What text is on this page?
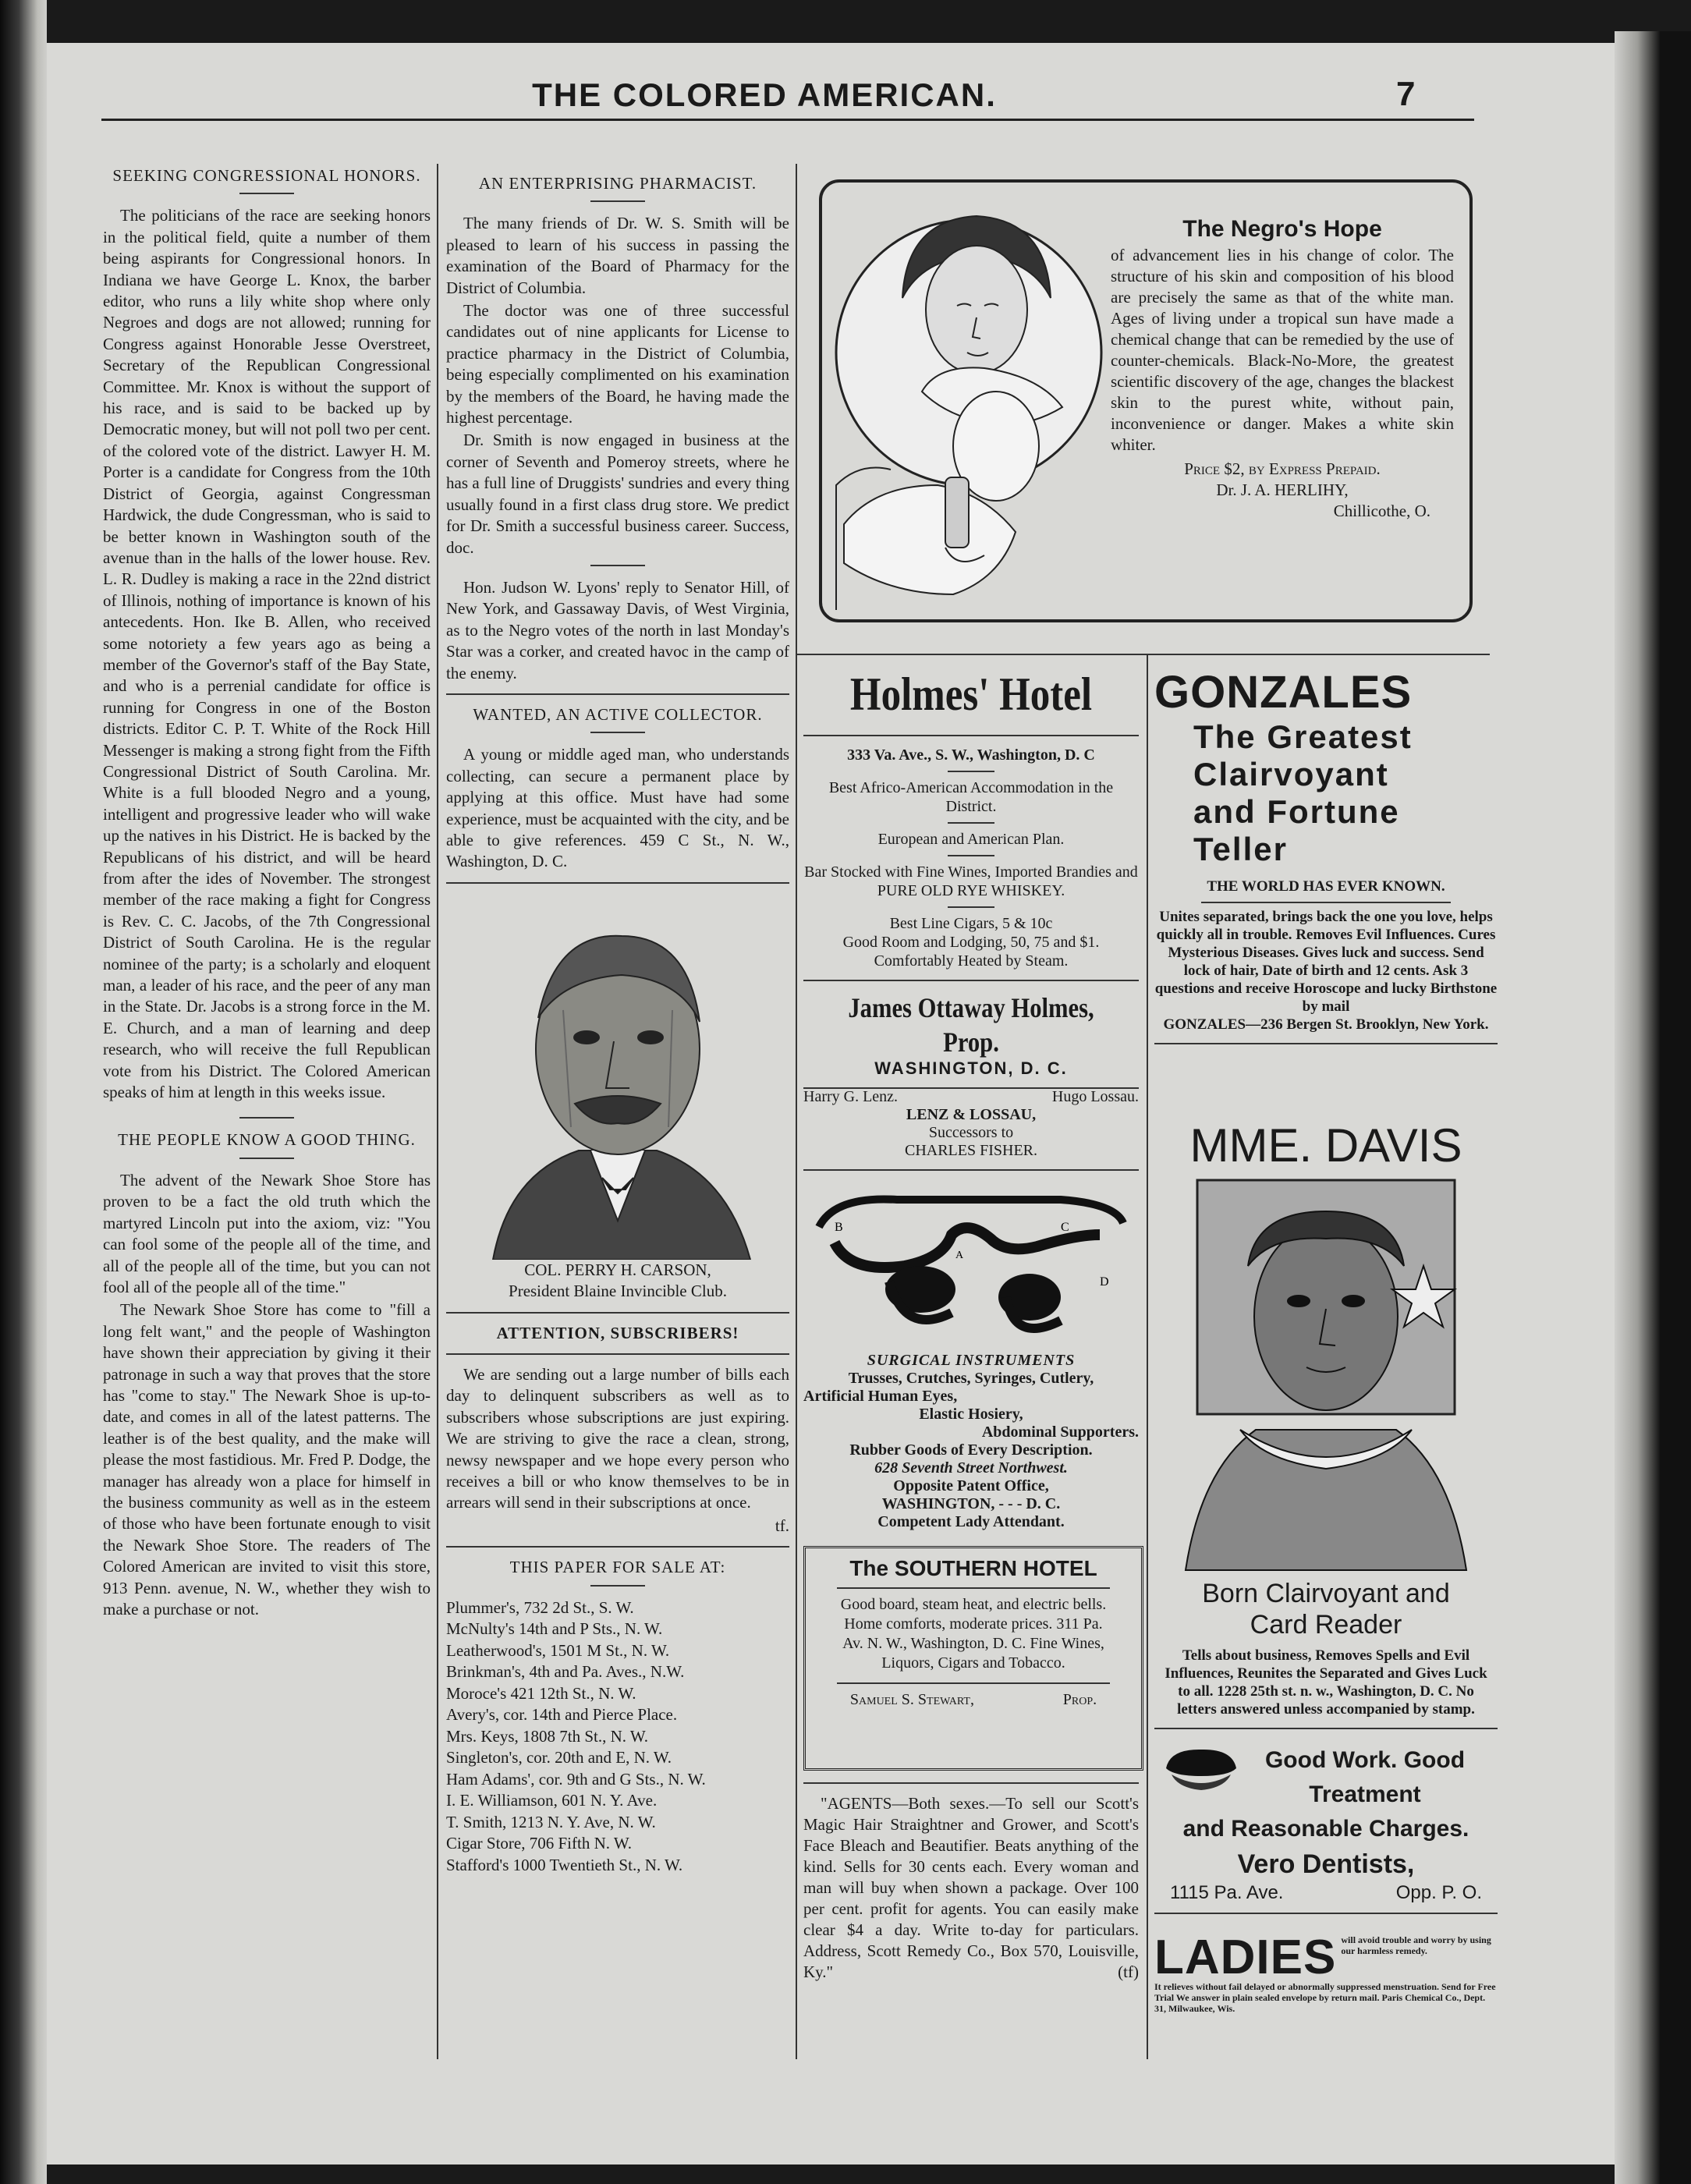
THE COLORED AMERICAN.	7
SEEKING CONGRESSIONAL HONORS.

The politicians of the race are seeking honors in the political field, quite a number of them being aspirants for Congressional honors. In Indiana we have George L. Knox, the barber editor, who runs a lily white shop where only Negroes and dogs are not allowed; running for Congress against Honorable Jesse Overstreet, Secretary of the Republican Congressional Committee. Mr. Knox is without the support of his race, and is said to be backed up by Democratic money, but will not poll two per cent. of the colored vote of the district. Lawyer H. M. Porter is a candidate for Congress from the 10th District of Georgia, against Congressman Hardwick, the dude Congressman, who is said to be better known in Washington south of the avenue than in the halls of the lower house. Rev. L. R. Dudley is making a race in the 22nd district of Illinois, nothing of importance is known of his antecedents. Hon. Ike B. Allen, who received some notoriety a few years ago as being a member of the Governor's staff of the Bay State, and who is a perrenial candidate for office is running for Congress in one of the Boston districts. Editor C. P. T. White of the Rock Hill Messenger is making a strong fight from the Fifth Congressional District of South Carolina. Mr. White is a full blooded Negro and a young, intelligent and progressive leader who will wake up the natives in his District. He is backed by the Republicans of his district, and will be heard from after the ides of November. The strongest member of the race making a fight for Congress is Rev. C. C. Jacobs, of the 7th Congressional District of South Carolina. He is the regular nominee of the party; is a scholarly and eloquent man, a leader of his race, and the peer of any man in the State. Dr. Jacobs is a strong force in the M. E. Church, and a man of learning and deep research, who will receive the full Republican vote from his District. The Colored American speaks of him at length in this weeks issue.

THE PEOPLE KNOW A GOOD THING.

The advent of the Newark Shoe Store has proven to be a fact the old truth which the martyred Lincoln put into the axiom, viz: "You can fool some of the people all of the time, and all of the people all of the time, but you can not fool all of the people all of the time."

The Newark Shoe Store has come to "fill a long felt want," and the people of Washington have shown their appreciation by giving it their patronage in such a way that proves that the store has "come to stay." The Newark Shoe is up-to-date, and comes in all of the latest patterns. The leather is of the best quality, and the make will please the most fastidious. Mr. Fred P. Dodge, the manager has already won a place for himself in the business community as well as in the esteem of those who have been fortunate enough to visit the Newark Shoe Store. The readers of The Colored American are invited to visit this store, 913 Penn. avenue, N. W., whether they wish to make a purchase or not.

AN ENTERPRISING PHARMACIST.

The many friends of Dr. W. S. Smith will be pleased to learn of his success in passing the examination of the Board of Pharmacy for the District of Columbia.

The doctor was one of three successful candidates out of nine applicants for License to practice pharmacy in the District of Columbia, being especially complimented on his examination by the members of the Board, he having made the highest percentage.

Dr. Smith is now engaged in business at the corner of Seventh and Pomeroy streets, where he has a full line of Druggists' sundries and every thing usually found in a first class drug store. We predict for Dr. Smith a successful business career. Success, doc.

Hon. Judson W. Lyons' reply to Senator Hill, of New York, and Gassaway Davis, of West Virginia, as to the Negro votes of the north in last Monday's Star was a corker, and created havoc in the camp of the enemy.

WANTED, AN ACTIVE COLLECTOR.

A young or middle aged man, who understands collecting, can secure a permanent place by applying at this office. Must have had some experience, must be acquainted with the city, and be able to give references. 459 C St., N. W., Washington, D. C.

COL. PERRY H. CARSON,
President Blaine Invincible Club.
ATTENTION, SUBSCRIBERS!

We are sending out a large number of bills each day to delinquent subscribers as well as to subscribers whose subscriptions are just expiring. We are striving to give the race a clean, strong, newsy newspaper and we hope every person who receives a bill or who know themselves to be in arrears will send in their subscriptions at once.

tf.
THIS PAPER FOR SALE AT:
Plummer's, 732 2d St., S. W.
McNulty's 14th and P Sts., N. W.
Leatherwood's, 1501 M St., N. W.
Brinkman's, 4th and Pa. Aves., N.W.
Moroce's 421 12th St., N. W.
Avery's, cor. 14th and Pierce Place.
Mrs. Keys, 1808 7th St., N. W.
Singleton's, cor. 20th and E, N. W.
Ham Adams', cor. 9th and G Sts., N. W.
I. E. Williamson, 601 N. Y. Ave.
T. Smith, 1213 N. Y. Ave, N. W.
Cigar Store, 706 Fifth N. W.
Stafford's 1000 Twentieth St., N. W.
The Negro's Hope
of advancement lies in his change of color. The structure of his skin and composition of his blood are precisely the same as that of the white man. Ages of living under a tropical sun have made a chemical change that can be remedied by the use of counter-chemicals. Black-No-More, the greatest scientific discovery of the age, changes the blackest skin to the purest white, without pain, inconvenience or danger. Makes a white skin whiter.
Price $2, by Express Prepaid.
Dr. J. A. HERLIHY,
Chillicothe, O.
Holmes' Hotel
333 Va. Ave., S. W., Washington, D. C
Best Africo-American Accommodation in the District.
European and American Plan.
Bar Stocked with Fine Wines, Imported Brandies and
PURE OLD RYE WHISKEY.
Best Line Cigars, 5 & 10c
Good Room and Lodging, 50, 75 and $1.
Comfortably Heated by Steam.
James Ottaway Holmes, Prop.
WASHINGTON, D. C.
Harry G. Lenz.	Hugo Lossau.
LENZ & LOSSAU,
Successors to
CHARLES FISHER.
B
A
C
D
SURGICAL INSTRUMENTS
Trusses, Crutches, Syringes, Cutlery,
Artificial Human Eyes,
Elastic Hosiery,
Abdominal Supporters.
Rubber Goods of Every Description.
628 Seventh Street Northwest.
Opposite Patent Office,
WASHINGTON, - - - D. C.
Competent Lady Attendant.
The SOUTHERN HOTEL
Good board, steam heat, and electric bells. Home comforts, moderate prices. 311 Pa. Av. N. W., Washington, D. C. Fine Wines, Liquors, Cigars and Tobacco.
Samuel S. Stewart,	Prop.
"AGENTS—Both sexes.—To sell our Scott's Magic Hair Straightner and Grower, and Scott's Face Bleach and Beautifier. Beats anything of the kind. Sells for 30 cents each. Every woman and man will buy when shown a package. Over 100 per cent. profit for agents. You can easily make clear $4 a day. Write to-day for particulars. Address, Scott Remedy Co., Box 570, Louisville, Ky."	(tf)
GONZALES
The Greatest
Clairvoyant
and Fortune
Teller
THE WORLD HAS EVER KNOWN.
Unites separated, brings back the one you love, helps quickly all in trouble. Removes Evil Influences. Cures Mysterious Diseases. Gives luck and success. Send lock of hair, Date of birth and 12 cents. Ask 3 questions and receive Horoscope and lucky Birthstone by mail
GONZALES—236 Bergen St. Brooklyn, New York.
MME. DAVIS
Born Clairvoyant and
Card Reader
Tells about business, Removes Spells and Evil Influences, Reunites the Separated and Gives Luck to all. 1228 25th st. n. w., Washington, D. C. No letters answered unless accompanied by stamp.
Good Work. Good
Treatment
and Reasonable Charges.
Vero Dentists,
1115 Pa. Ave.	Opp. P. O.
LADIES will avoid trouble and worry by using our harmless remedy.
It relieves without fail delayed or abnormally suppressed menstruation. Send for Free Trial We answer in plain sealed envelope by return mail. Paris Chemical Co., Dept. 31, Milwaukee, Wis.
